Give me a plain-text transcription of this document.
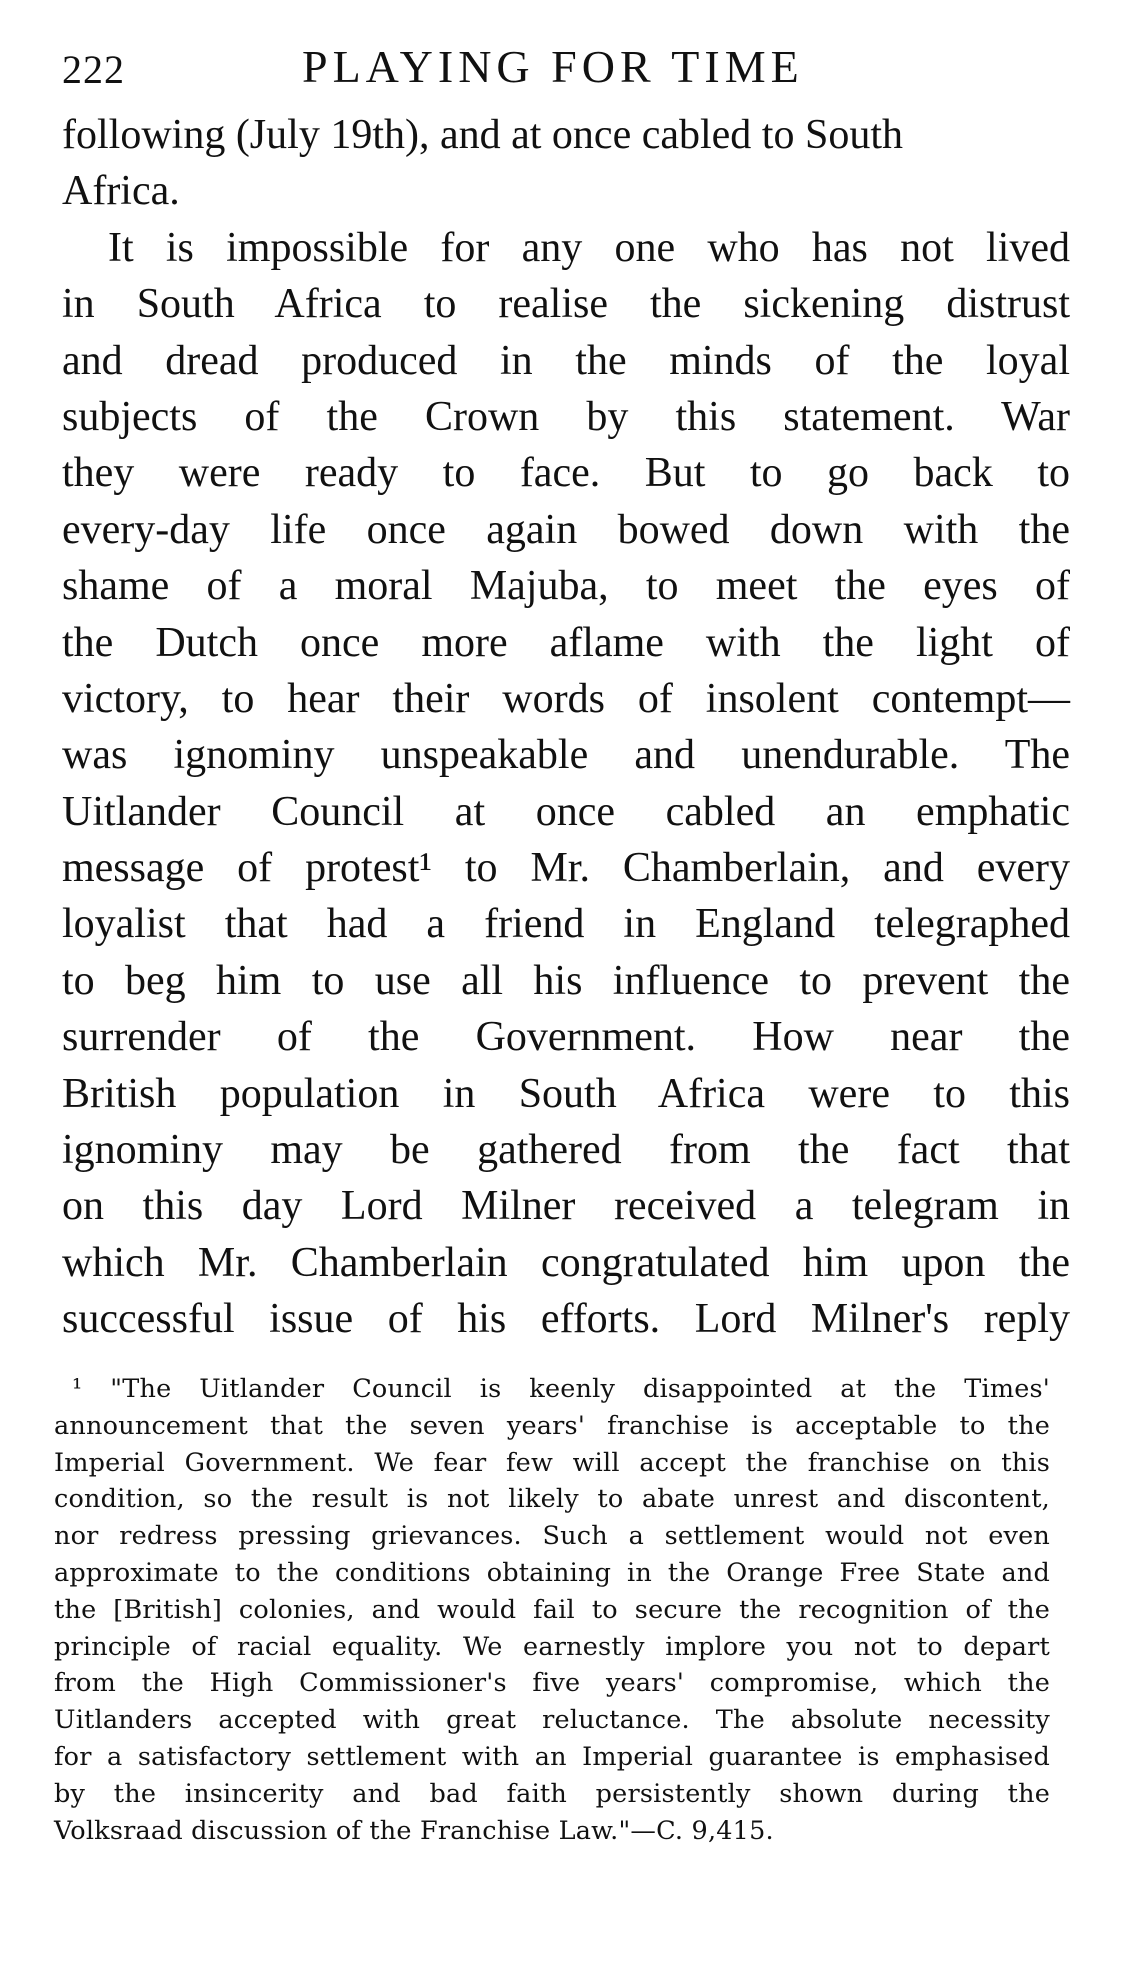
222	PLAYING FOR TIME
following (July 19th), and at once cabled to South
Africa.
It is impossible for any one who has not lived
in South Africa to realise the sickening distrust
and dread produced in the minds of the loyal
subjects of the Crown by this statement. War
they were ready to face. But to go back to
every-day life once again bowed down with the
shame of a moral Majuba, to meet the eyes of
the Dutch once more aflame with the light of
victory, to hear their words of insolent contempt—
was ignominy unspeakable and unendurable. The
Uitlander Council at once cabled an emphatic
message of protest¹ to Mr. Chamberlain, and every
loyalist that had a friend in England telegraphed
to beg him to use all his influence to prevent the
surrender of the Government. How near the
British population in South Africa were to this
ignominy may be gathered from the fact that
on this day Lord Milner received a telegram in
which Mr. Chamberlain congratulated him upon the
successful issue of his efforts. Lord Milner's reply
¹ "The Uitlander Council is keenly disappointed at the Times'
announcement that the seven years' franchise is acceptable to the
Imperial Government. We fear few will accept the franchise on this
condition, so the result is not likely to abate unrest and discontent,
nor redress pressing grievances. Such a settlement would not even
approximate to the conditions obtaining in the Orange Free State and
the [British] colonies, and would fail to secure the recognition of the
principle of racial equality. We earnestly implore you not to depart
from the High Commissioner's five years' compromise, which the
Uitlanders accepted with great reluctance. The absolute necessity
for a satisfactory settlement with an Imperial guarantee is emphasised
by the insincerity and bad faith persistently shown during the
Volksraad discussion of the Franchise Law."—C. 9,415.
